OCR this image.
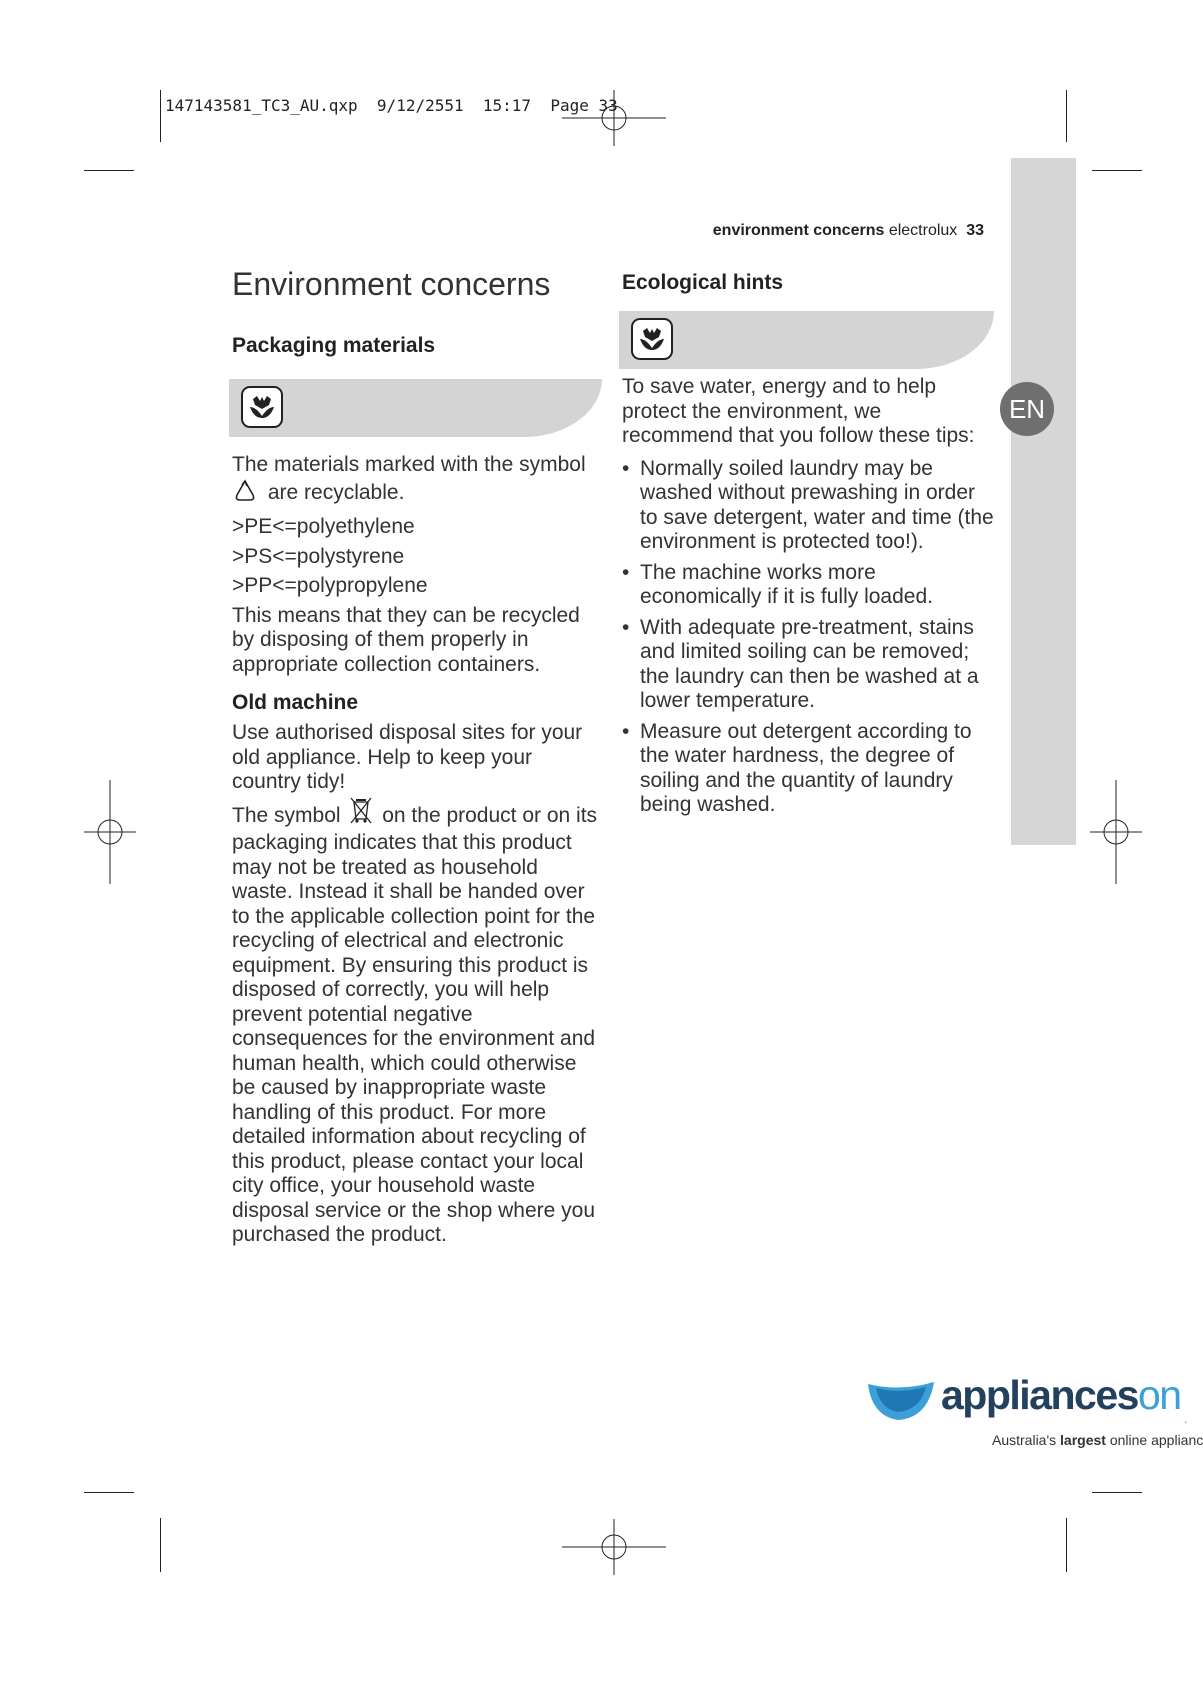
147143581_TC3_AU.qxp 9/12/2551 15:17 Page 33
EN
environment concerns electrolux 33
Environment concerns
Packaging materials

The materials marked with the symbol  are recyclable.

>PE<=polyethylene

>PS<=polystyrene

>PP<=polypropylene

This means that they can be recycled by disposing of them properly in appropriate collection containers.

Old machine

Use authorised disposal sites for your old appliance. Help to keep your country tidy!

The symbol on the product or on its packaging indicates that this product may not be treated as household waste. Instead it shall be handed over to the applicable collection point for the recycling of electrical and electronic equipment. By ensuring this product is disposed of correctly, you will help prevent potential negative consequences for the environment and human health, which could otherwise be caused by inappropriate waste handling of this product. For more detailed information about recycling of this product, please contact your local city office, your household waste disposal service or the shop where you purchased the product.

Ecological hints

To save water, energy and to help protect the environment, we recommend that you follow these tips:

• Normally soiled laundry may be washed without prewashing in order to save detergent, water and time (the environment is protected too!).
• The machine works more economically if it is fully loaded.
• With adequate pre-treatment, stains and limited soiling can be removed; the laundry can then be washed at a lower temperature.
• Measure out detergent according to the water hardness, the degree of soiling and the quantity of laundry being washed.
applianceson
.
Australia's largest online applianc
